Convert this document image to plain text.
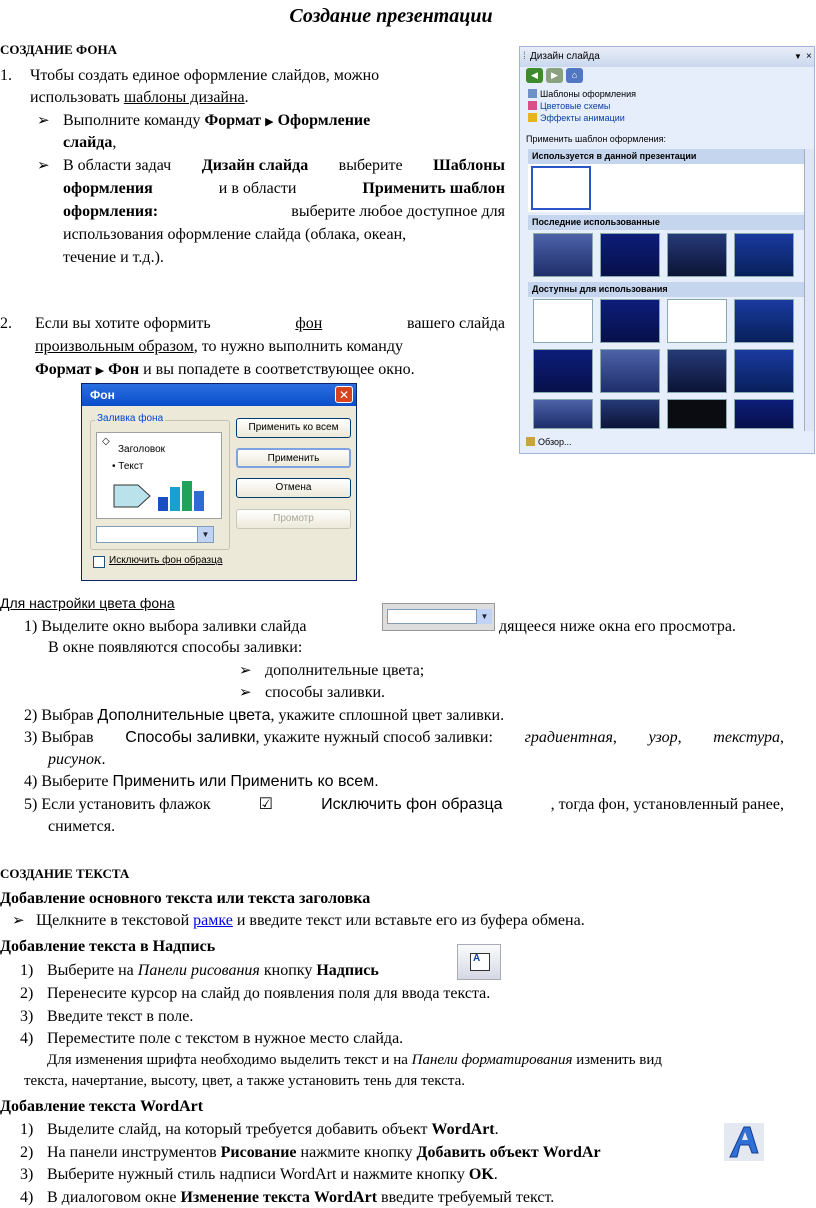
Создание презентации
СОЗДАНИЕ ФОНА
1. Чтобы создать единое оформление слайдов, можно
использовать шаблоны дизайна.
➢ Выполните команду Формат ▶ Оформление
слайда,
➢ В области задач Дизайн слайда выберите Шаблоны
оформления	и в области	Применить шаблон
оформления:	выберите любое доступное для
использования оформление слайда (облака, океан,
течение и т.д.).
2. Если вы хотите оформить	фон	вашего слайда
произвольным образом, то нужно выполнить команду
Формат ▶ Фон и вы попадете в соответствующее окно.
⁞ Дизайн слайда	▼ ×
◀	▶	⌂
Шаблоны оформления
Цветовые схемы
Эффекты анимации
Применить шаблон оформления:
Используется в данной презентации
Последние использованные
Доступны для использования
Обзор...
Фон	✕
Заливка фона
◇
Заголовок
• Текст
▼
Применить ко всем
Применить
Отмена
Промотр
Исключить фон образца
Для настройки цвета фона
1) Выделите окно выбора заливки слайда
▼
дящееся ниже окна его просмотра.
В окне появляются способы заливки:
➢ дополнительные цвета;
➢ способы заливки.
2) Выбрав Дополнительные цвета, укажите сплошной цвет заливки.
3) Выбрав Способы заливки, укажите нужный способ заливки: градиентная, узор, текстура,
рисунок.
4) Выберите Применить или Применить ко всем.
5) Если установить флажок	☑	Исключить фон образца	, тогда фон, установленный ранее,
снимется.
СОЗДАНИЕ ТЕКСТА
Добавление основного текста или текста заголовка
➢ Щелкните в текстовой рамке и введите текст или вставьте его из буфера обмена.
Добавление текста в Надпись
1) Выберите на Панели рисования кнопку Надпись
A
2) Перенесите курсор на слайд до появления поля для ввода текста.
3) Введите текст в поле.
4) Переместите поле с текстом в нужное место слайда.
Для изменения шрифта необходимо выделить текст и на Панели форматирования изменить вид
текста, начертание, высоту, цвет, а также установить тень для текста.
Добавление текста WordArt
1) Выделите слайд, на который требуется добавить объект WordArt.
2) На панели инструментов Рисование нажмите кнопку Добавить объект WordAr
3) Выберите нужный стиль надписи WordArt и нажмите кнопку OK.
4) В диалоговом окне Изменение текста WordArt введите требуемый текст.
